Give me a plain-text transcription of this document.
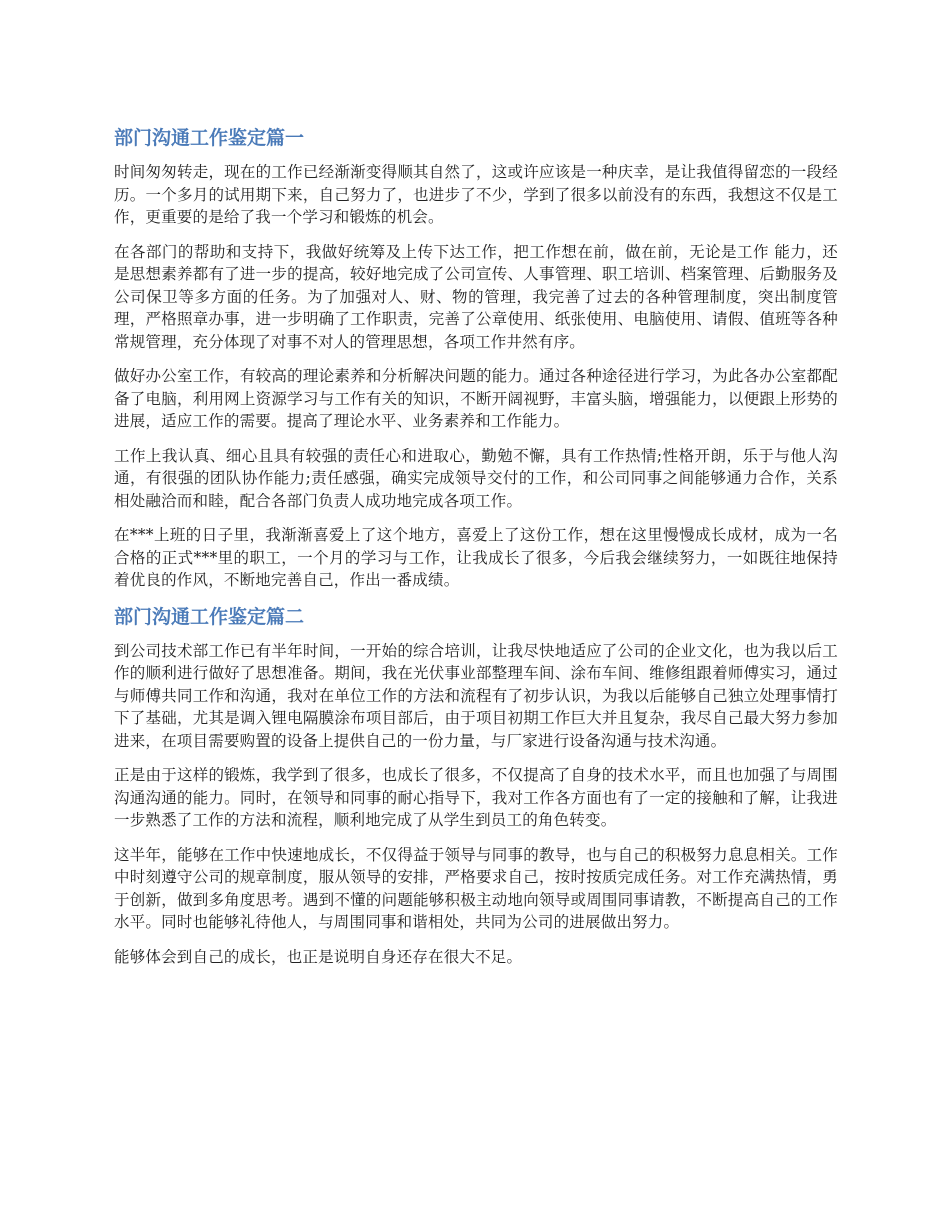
部门沟通工作鉴定篇一

时间匆匆转走，现在的工作已经渐渐变得顺其自然了，这或许应该是一种庆幸，是让我值得留恋的一段经历。一个多月的试用期下来，自己努力了，也进步了不少，学到了很多以前没有的东西，我想这不仅是工作，更重要的是给了我一个学习和锻炼的机会。

在各部门的帮助和支持下，我做好统筹及上传下达工作，把工作想在前，做在前，无论是工作 能力，还是思想素养都有了进一步的提高，较好地完成了公司宣传、人事管理、职工培训、档案管理、后勤服务及公司保卫等多方面的任务。为了加强对人、财、物的管理，我完善了过去的各种管理制度，突出制度管理，严格照章办事，进一步明确了工作职责，完善了公章使用、纸张使用、电脑使用、请假、值班等各种常规管理，充分体现了对事不对人的管理思想，各项工作井然有序。

做好办公室工作，有较高的理论素养和分析解决问题的能力。通过各种途径进行学习，为此各办公室都配备了电脑，利用网上资源学习与工作有关的知识，不断开阔视野，丰富头脑，增强能力，以便跟上形势的进展，适应工作的需要。提高了理论水平、业务素养和工作能力。

工作上我认真、细心且具有较强的责任心和进取心，勤勉不懈，具有工作热情;性格开朗，乐于与他人沟通，有很强的团队协作能力;责任感强，确实完成领导交付的工作，和公司同事之间能够通力合作，关系相处融洽而和睦，配合各部门负责人成功地完成各项工作。

在***上班的日子里，我渐渐喜爱上了这个地方，喜爱上了这份工作，想在这里慢慢成长成材，成为一名合格的正式***里的职工，一个月的学习与工作，让我成长了很多，今后我会继续努力，一如既往地保持着优良的作风，不断地完善自己，作出一番成绩。

部门沟通工作鉴定篇二

到公司技术部工作已有半年时间，一开始的综合培训，让我尽快地适应了公司的企业文化，也为我以后工作的顺利进行做好了思想准备。期间，我在光伏事业部整理车间、涂布车间、维修组跟着师傅实习，通过与师傅共同工作和沟通，我对在单位工作的方法和流程有了初步认识，为我以后能够自己独立处理事情打下了基础，尤其是调入锂电隔膜涂布项目部后，由于项目初期工作巨大并且复杂，我尽自己最大努力参加进来，在项目需要购置的设备上提供自己的一份力量，与厂家进行设备沟通与技术沟通。

正是由于这样的锻炼，我学到了很多，也成长了很多，不仅提高了自身的技术水平，而且也加强了与周围沟通沟通的能力。同时，在领导和同事的耐心指导下，我对工作各方面也有了一定的接触和了解，让我进一步熟悉了工作的方法和流程，顺利地完成了从学生到员工的角色转变。

这半年，能够在工作中快速地成长，不仅得益于领导与同事的教导，也与自己的积极努力息息相关。工作中时刻遵守公司的规章制度，服从领导的安排，严格要求自己，按时按质完成任务。对工作充满热情，勇于创新，做到多角度思考。遇到不懂的问题能够积极主动地向领导或周围同事请教，不断提高自己的工作水平。同时也能够礼待他人，与周围同事和谐相处，共同为公司的进展做出努力。

能够体会到自己的成长，也正是说明自身还存在很大不足。
